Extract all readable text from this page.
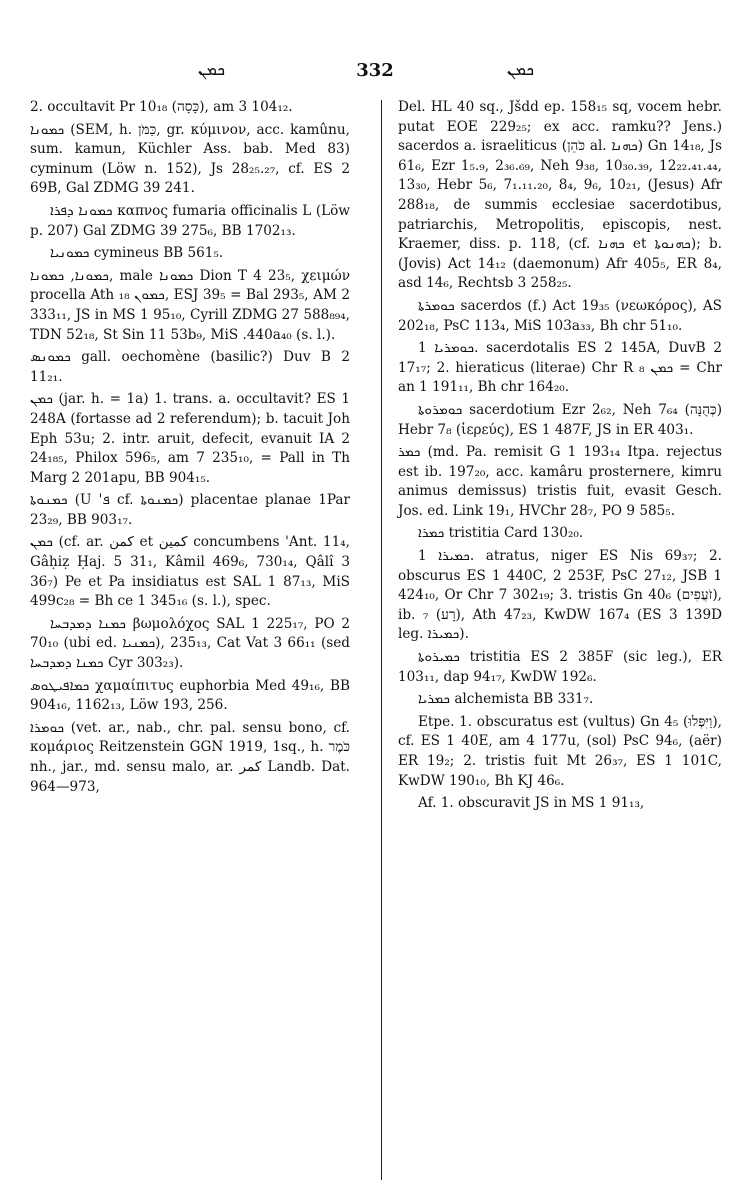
ܟܡܢ	332	ܟܡܢ
2. occultavit Pr 10₁₈ (כָּסָה), am 3 104₁₂.
ܟܡܘܢܐ (SEM, h. כַּמֹּן, gr. κύμινον, acc. kamûnu, sum. kamun, Küchler Ass. bab. Med 83) cyminum (Löw n. 152), Js 28₂₅.₂₇, cf. ES 2 69B, Gal ZDMG 39 241.
ܟܡܘܢܐ ܕܦܪܐ καπνος fumaria officinalis L (Löw p. 207) Gal ZDMG 39 275₆, BB 1702₁₃.
ܟܡܘܢܝܐ cymineus BB 561₅.
ܟܡܘܢܐ, ܟܡܘܢܐ, male ܟܡܘܢܐ Dion T 4 23₅, χειμών procella Ath ܟܡܘܢ ₁₈, ESJ 39₅ = Bal 293₅, AM 2 333₁₁, JS in MS 1 95₁₀, Cyrill ZDMG 27 588₈₉₄, TDN 52₁₈, St Sin 11 53b₉, MiS .440a₄₀ (s. l.).
ܟܡܘܢܣ gall. oechomène (basilic?) Duv B 2 11₂₁.
ܟܡܢ (jar. h. = 1a) 1. trans. a. occultavit? ES 1 248A (fortasse ad 2 referendum); b. tacuit Joh Eph 53u; 2. intr. aruit, defecit, evanuit IA 2 24₁₈₅, Philox 596₅, am 7 235₁₀, = Pall in Th Marg 2 201apu, BB 904₁₅.
ܟܡܢܘܬܐ (U 'ܦ cf. ܟܡܢܘܬܐ) placentae planae 1Par 23₂₉, BB 903₁₇.
ܟܡܢ (cf. ar. كمن et كمين concumbens 'Ant. 11₄, Gâḥiẓ Ḥaj. 5 31₁, Kâmil 469₆, 730₁₄, Qâlî 3 36₇) Pe et Pa insidiatus est SAL 1 87₁₃, MiS 499c₂₈ = Bh ce 1 345₁₆ (s. l.), spec.
ܟܡܢܐ ܕܡܕܒܚܐ βωμολόχος SAL 1 225₁₇, PO 2 70₁₀ (ubi ed. ܟܡܢܝܐ), 235₁₃, Cat Vat 3 66₁₁ (sed ܟܡܢܐ ܕܡܕܒܚܐ Cyr 303₂₃).
ܟܡܐܦܝܛܘܣ χαμαίπιτυς euphorbia Med 49₁₆, BB 904₁₆, 1162₁₃, Löw 193, 256.
ܟܘܡܪܐ (vet. ar., nab., chr. pal. sensu bono, cf. κομάριος Reitzenstein GGN 1919, 1sq., h. כֹּמֶר nh., jar., md. sensu malo, ar. كمر Landb. Dat. 964—973,
Del. HL 40 sq., Jšdd ep. 158₁₅ sq, vocem hebr. putat EOE 229₂₅; ex acc. ramku?? Jens.) sacerdos a. israeliticus (כֹּהֵן al. ܟܗܢܐ) Gn 14₁₈, Js 61₆, Ezr 1₅.₉, 2₃₆.₆₉, Neh 9₃₈, 10₃₀.₃₉, 12₂₂.₄₁.₄₄, 13₃₀, Hebr 5₆, 7₁.₁₁.₂₀, 8₄, 9₆, 10₂₁, (Jesus) Afr 288₁₈, de summis ecclesiae sacerdotibus, patriarchis, Metropolitis, episcopis, nest. Kraemer, diss. p. 118, (cf. ܟܗܢܐ et ܟܗܢܘܬܐ); b. (Jovis) Act 14₁₂ (daemonum) Afr 405₅, ER 8₄, asd 14₆, Rechtsb 3 258₂₅.
ܟܘܡܪܬܐ sacerdos (f.) Act 19₃₅ (νεωκόρος), AS 202₁₈, PsC 113₄, MiS 103a₃₃, Bh chr 51₁₀.
ܟܘܡܪܝܐ 1. sacerdotalis ES 2 145A, DuvB 2 17₁₇; 2. hieraticus (literae) Chr R ܟܡܢ ₈ = Chr an 1 191₁₁, Bh chr 164₂₀.
ܟܘܡܪܘܬܐ sacerdotium Ezr 2₆₂, Neh 7₆₄ (כְּהֻנָּה) Hebr 7₈ (ἱερεύς), ES 1 487F, JS in ER 403₁.
ܟܡܪ (md. Pa. remisit G 1 193₁₄ Itpa. rejectus est ib. 197₂₀, acc. kamâru prosternere, kimru animus demissus) tristis fuit, evasit Gesch. Jos. ed. Link 19₁, HVChr 28₇, PO 9 585₅.
ܟܡܪܐ tristitia Card 130₂₀.
ܟܡܝܪܐ 1. atratus, niger ES Nis 69₃₇; 2. obscurus ES 1 440C, 2 253F, PsC 27₁₂, JSB 1 424₁₀, Or Chr 7 302₁₉; 3. tristis Gn 40₆ (זֹעֲפִים), ib. ₇ (רָע), Ath 47₂₃, KwDW 167₄ (ES 3 139D leg. ܟܡܝܪܐ).
ܟܡܝܪܘܬܐ tristitia ES 2 385F (sic leg.), ER 103₁₁, dap 94₁₇, KwDW 192₆.
ܟܡܪܝܐ alchemista BB 331₇.
Etpe. 1. obscuratus est (vultus) Gn 4₅ (וַיִּפְּלוּ), cf. ES 1 40E, am 4 177u, (sol) PsC 94₆, (aër) ER 19₂; 2. tristis fuit Mt 26₃₇, ES 1 101C, KwDW 190₁₀, Bh KJ 46₆.
Af. 1. obscuravit JS in MS 1 91₁₃,
